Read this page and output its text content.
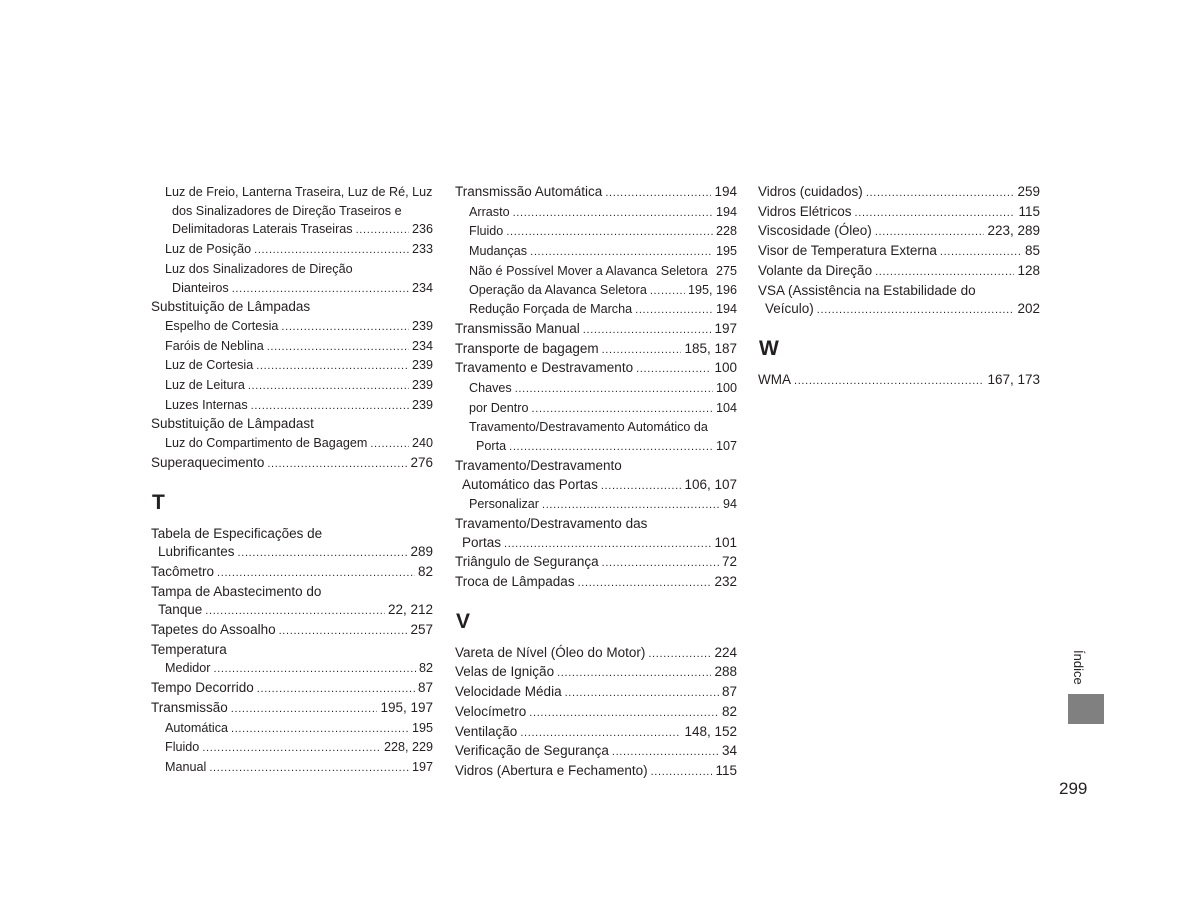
Luz de Freio, Lanterna Traseira, Luz de Ré, Luz
dos Sinalizadores de Direção Traseiros e
Delimitadoras Laterais Traseiras . . .	236
Luz de Posição . . .	233
Luz dos Sinalizadores de Direção
Dianteiros . . .	234
Substituição de Lâmpadas
Espelho de Cortesia . . .	239
Faróis de Neblina . . .	234
Luz de Cortesia . . .	239
Luz de Leitura . . .	239
Luzes Internas . . .	239
Substituição de Lâmpadast
Luz do Compartimento de Bagagem . . .	240
Superaquecimento . . .	276
T
Tabela de Especificações de
Lubrificantes . . .	289
Tacômetro . . .	82
Tampa de Abastecimento do
Tanque . . .	22, 212
Tapetes do Assoalho . . .	257
Temperatura
Medidor . . .	82
Tempo Decorrido . . .	87
Transmissão . . .	195, 197
Automática . . .	195
Fluido . . .	228, 229
Manual . . .	197
Transmissão Automática . . .	194
Arrasto . . .	194
Fluido . . .	228
Mudanças . . .	195
Não é Possível Mover a Alavanca Seletora 275
Operação da Alavanca Seletora . . .	195, 196
Redução Forçada de Marcha . . .	194
Transmissão Manual . . .	197
Transporte de bagagem . . .	185, 187
Travamento e Destravamento . . .	100
Chaves . . .	100
por Dentro . . .	104
Travamento/Destravamento Automático da
Porta . . .	107
Travamento/Destravamento
Automático das Portas . . .	106, 107
Personalizar . . .	94
Travamento/Destravamento das
Portas . . .	101
Triângulo de Segurança . . .	72
Troca de Lâmpadas . . .	232
V
Vareta de Nível (Óleo do Motor) . . .	224
Velas de Ignição . . .	288
Velocidade Média . . .	87
Velocímetro . . .	82
Ventilação . . .	148, 152
Verificação de Segurança . . .	34
Vidros (Abertura e Fechamento) . . .	115
Vidros (cuidados) . . .	259
Vidros Elétricos . . .	115
Viscosidade (Óleo) . . .	223, 289
Visor de Temperatura Externa . . .	85
Volante da Direção . . .	128
VSA (Assistência na Estabilidade do
Veículo) . . .	202
W
WMA . . .	167, 173
Índice
299
